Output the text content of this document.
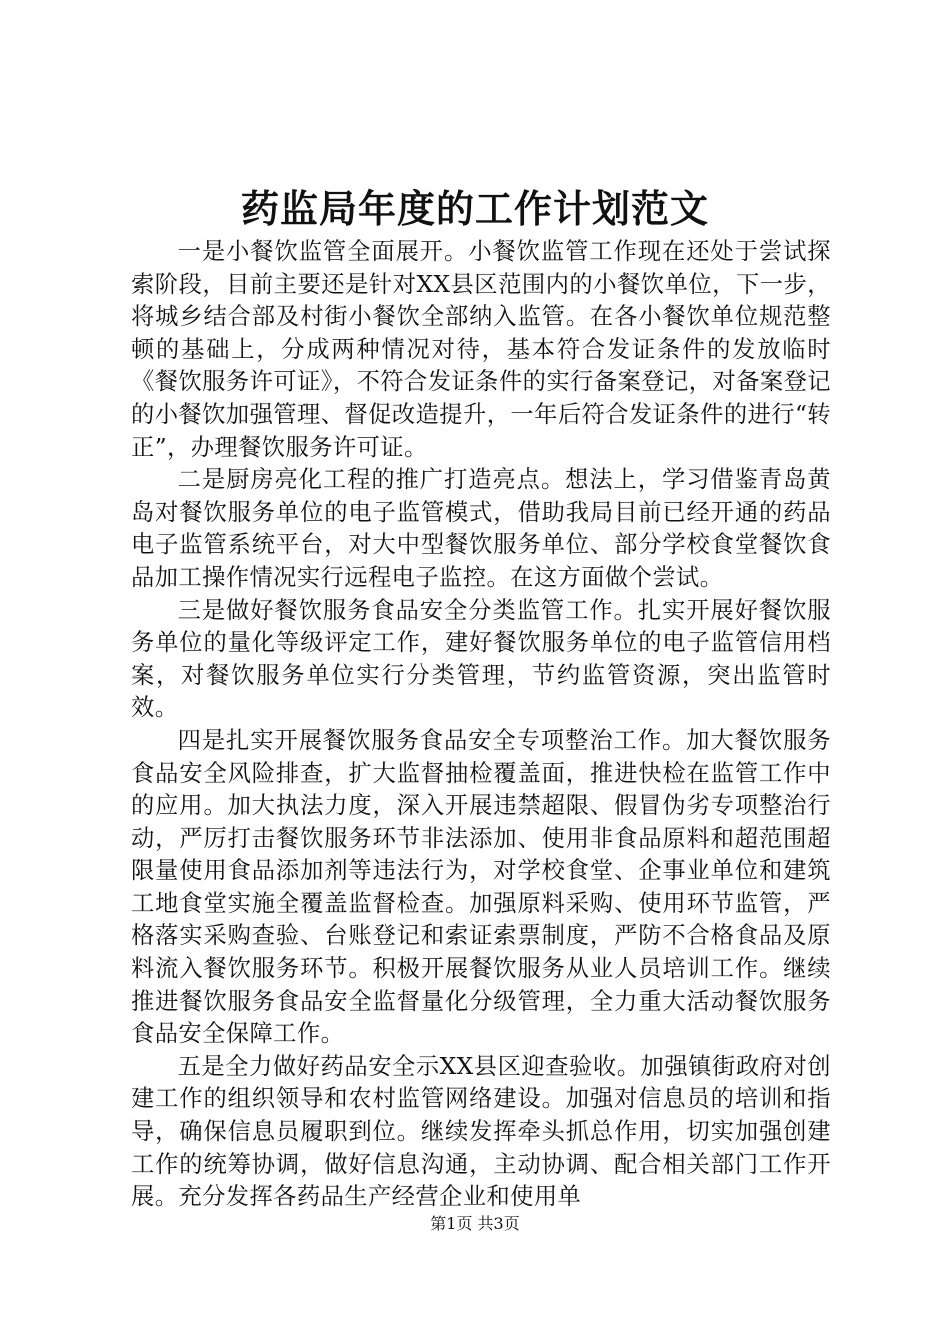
药监局年度的工作计划范文

一是小餐饮监管全面展开。小餐饮监管工作现在还处于尝试探索阶段，目前主要还是针对XX县区范围内的小餐饮单位，下一步，将城乡结合部及村街小餐饮全部纳入监管。在各小餐饮单位规范整顿的基础上，分成两种情况对待，基本符合发证条件的发放临时《餐饮服务许可证》，不符合发证条件的实行备案登记，对备案登记的小餐饮加强管理、督促改造提升，一年后符合发证条件的进行“转正”，办理餐饮服务许可证。

二是厨房亮化工程的推广打造亮点。想法上，学习借鉴青岛黄岛对餐饮服务单位的电子监管模式，借助我局目前已经开通的药品电子监管系统平台，对大中型餐饮服务单位、部分学校食堂餐饮食品加工操作情况实行远程电子监控。在这方面做个尝试。

三是做好餐饮服务食品安全分类监管工作。扎实开展好餐饮服务单位的量化等级评定工作，建好餐饮服务单位的电子监管信用档案，对餐饮服务单位实行分类管理，节约监管资源，突出监管时效。

四是扎实开展餐饮服务食品安全专项整治工作。加大餐饮服务食品安全风险排查，扩大监督抽检覆盖面，推进快检在监管工作中的应用。加大执法力度，深入开展违禁超限、假冒伪劣专项整治行动，严厉打击餐饮服务环节非法添加、使用非食品原料和超范围超限量使用食品添加剂等违法行为，对学校食堂、企事业单位和建筑工地食堂实施全覆盖监督检查。加强原料采购、使用环节监管，严格落实采购查验、台账登记和索证索票制度，严防不合格食品及原料流入餐饮服务环节。积极开展餐饮服务从业人员培训工作。继续推进餐饮服务食品安全监督量化分级管理，全力重大活动餐饮服务食品安全保障工作。

五是全力做好药品安全示XX县区迎查验收。加强镇街政府对创建工作的组织领导和农村监管网络建设。加强对信息员的培训和指导，确保信息员履职到位。继续发挥牵头抓总作用，切实加强创建工作的统筹协调，做好信息沟通，主动协调、配合相关部门工作开展。充分发挥各药品生产经营企业和使用单

第1页 共3页
